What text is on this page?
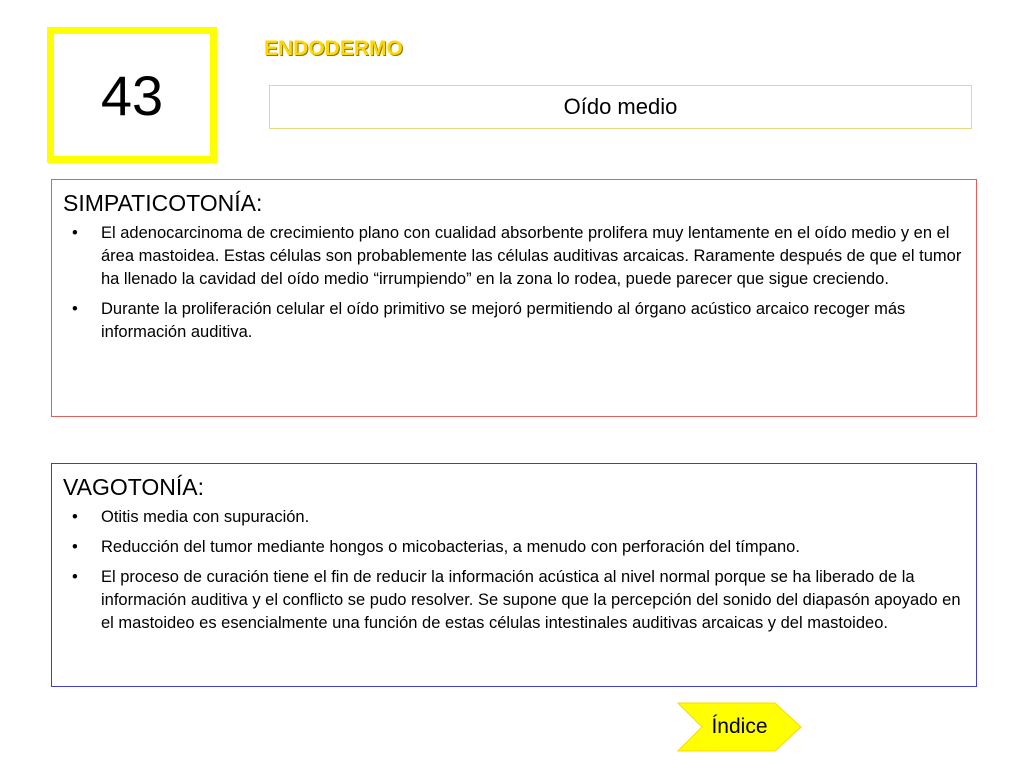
43
ENDODERMO
Oído medio
SIMPATICOTONÍA:
• El adenocarcinoma de crecimiento plano con cualidad absorbente prolifera muy lentamente en el oído medio y en el área mastoidea. Estas células son probablemente las células auditivas arcaicas. Raramente después de que el tumor ha llenado la cavidad del oído medio “irrumpiendo” en la zona lo rodea, puede parecer que sigue creciendo.
• Durante la proliferación celular el oído primitivo se mejoró permitiendo al órgano acústico arcaico recoger más información auditiva.
VAGOTONÍA:
• Otitis media con supuración.
• Reducción del tumor mediante hongos o micobacterias, a menudo con perforación del tímpano.
• El proceso de curación tiene el fin de reducir la información acústica al nivel normal porque se ha liberado de la información auditiva y el conflicto se pudo resolver. Se supone que la percepción del sonido del diapasón apoyado en el mastoideo es esencialmente una función de estas células intestinales auditivas arcaicas y del mastoideo.
Índice
